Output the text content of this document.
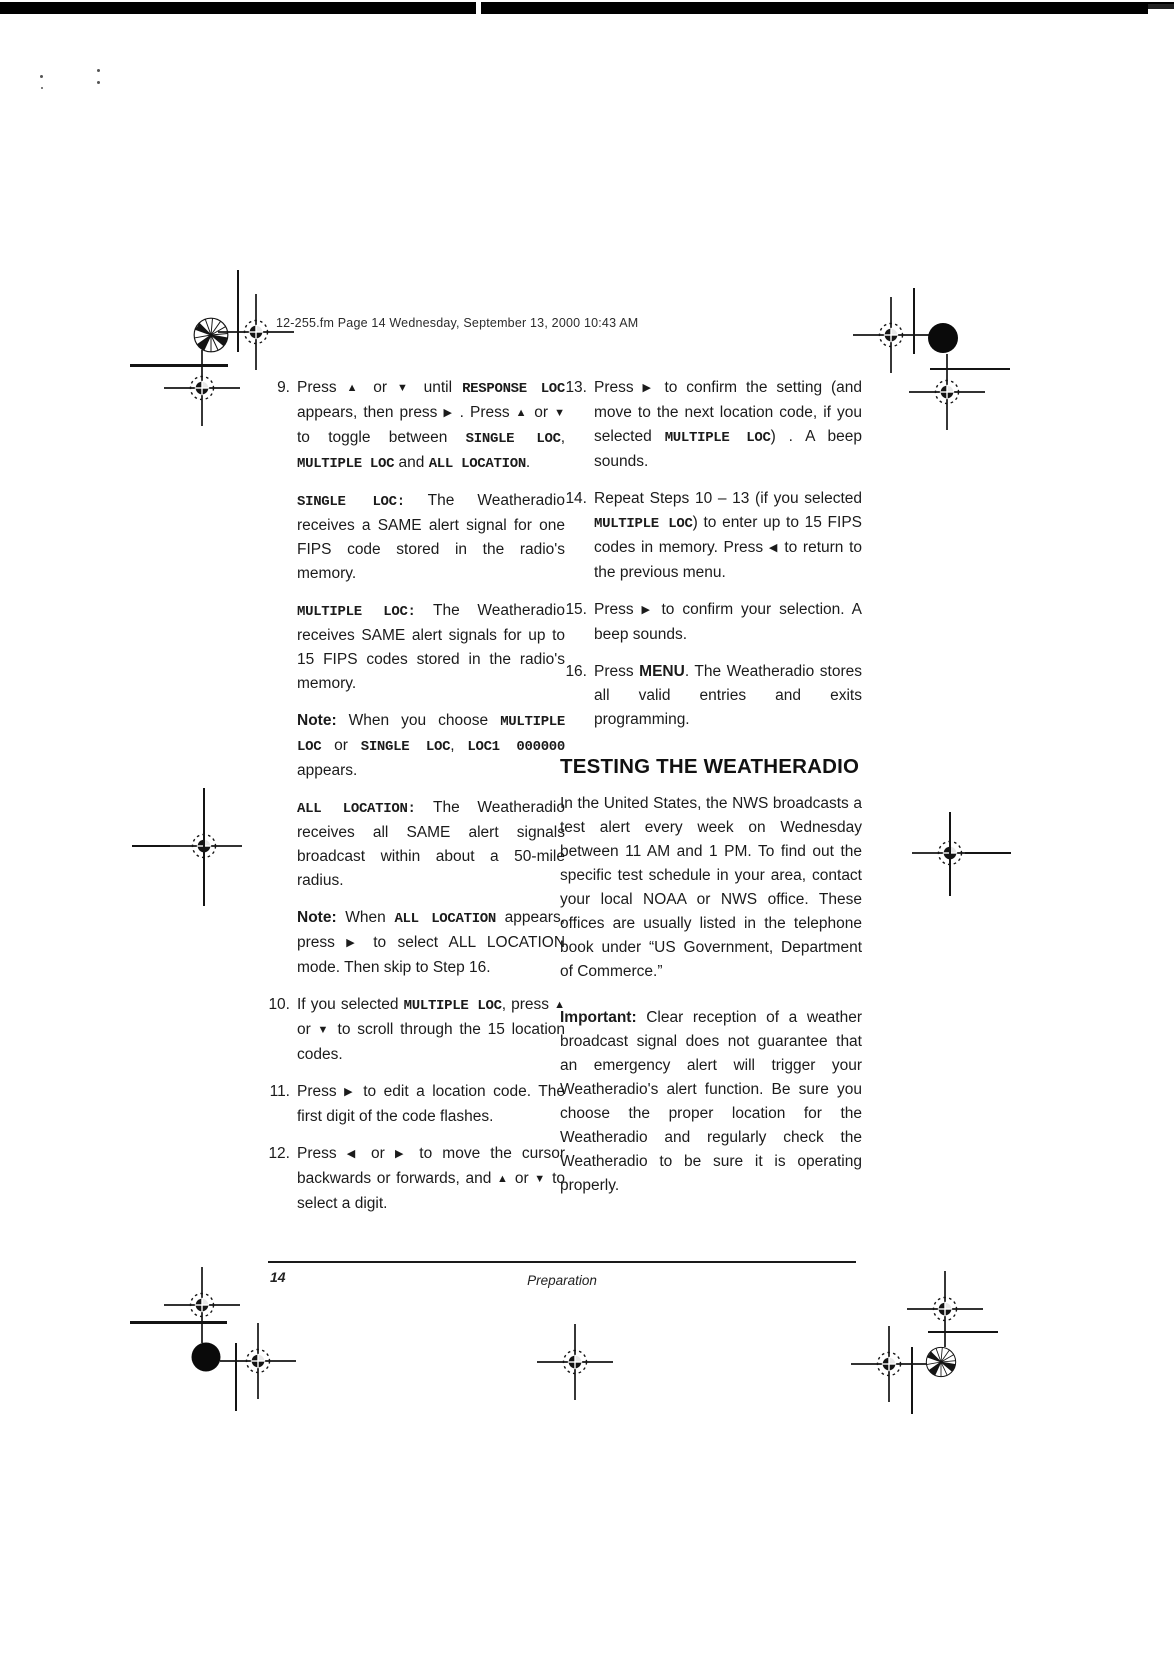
12-255.fm Page 14 Wednesday, September 13, 2000 10:43 AM
9. Press ▲ or ▼ until RESPONSE LOC appears, then press ▶ . Press ▲ or ▼ to toggle between SINGLE LOC, MULTIPLE LOC and ALL LOCATION.
SINGLE LOC: The Weatheradio receives a SAME alert signal for one FIPS code stored in the radio's memory.
MULTIPLE LOC: The Weatheradio receives SAME alert signals for up to 15 FIPS codes stored in the radio's memory.
Note: When you choose MULTIPLE LOC or SINGLE LOC, LOC1 000000 appears.
ALL LOCATION: The Weatheradio receives all SAME alert signals broadcast within about a 50-mile radius.
Note: When ALL LOCATION appears, press ▶ to select ALL LOCATION mode. Then skip to Step 16.
10. If you selected MULTIPLE LOC, press ▲ or ▼ to scroll through the 15 location codes.
11. Press ▶ to edit a location code. The first digit of the code flashes.
12. Press ◀ or ▶ to move the cursor backwards or forwards, and ▲ or ▼ to select a digit.
13. Press ▶ to confirm the setting (and move to the next location code, if you selected MULTIPLE LOC) . A beep sounds.
14. Repeat Steps 10 – 13 (if you selected MULTIPLE LOC) to enter up to 15 FIPS codes in memory. Press ◀ to return to the previous menu.
15. Press ▶ to confirm your selection. A beep sounds.
16. Press MENU. The Weatheradio stores all valid entries and exits programming.
TESTING THE WEATHERADIO
In the United States, the NWS broadcasts a test alert every week on Wednesday between 11 AM and 1 PM. To find out the specific test schedule in your area, contact your local NOAA or NWS office. These offices are usually listed in the telephone book under “US Government, Department of Commerce.”
Important: Clear reception of a weather broadcast signal does not guarantee that an emergency alert will trigger your Weatheradio's alert function. Be sure you choose the proper location for the Weatheradio and regularly check the Weatheradio to be sure it is operating properly.
14	Preparation
